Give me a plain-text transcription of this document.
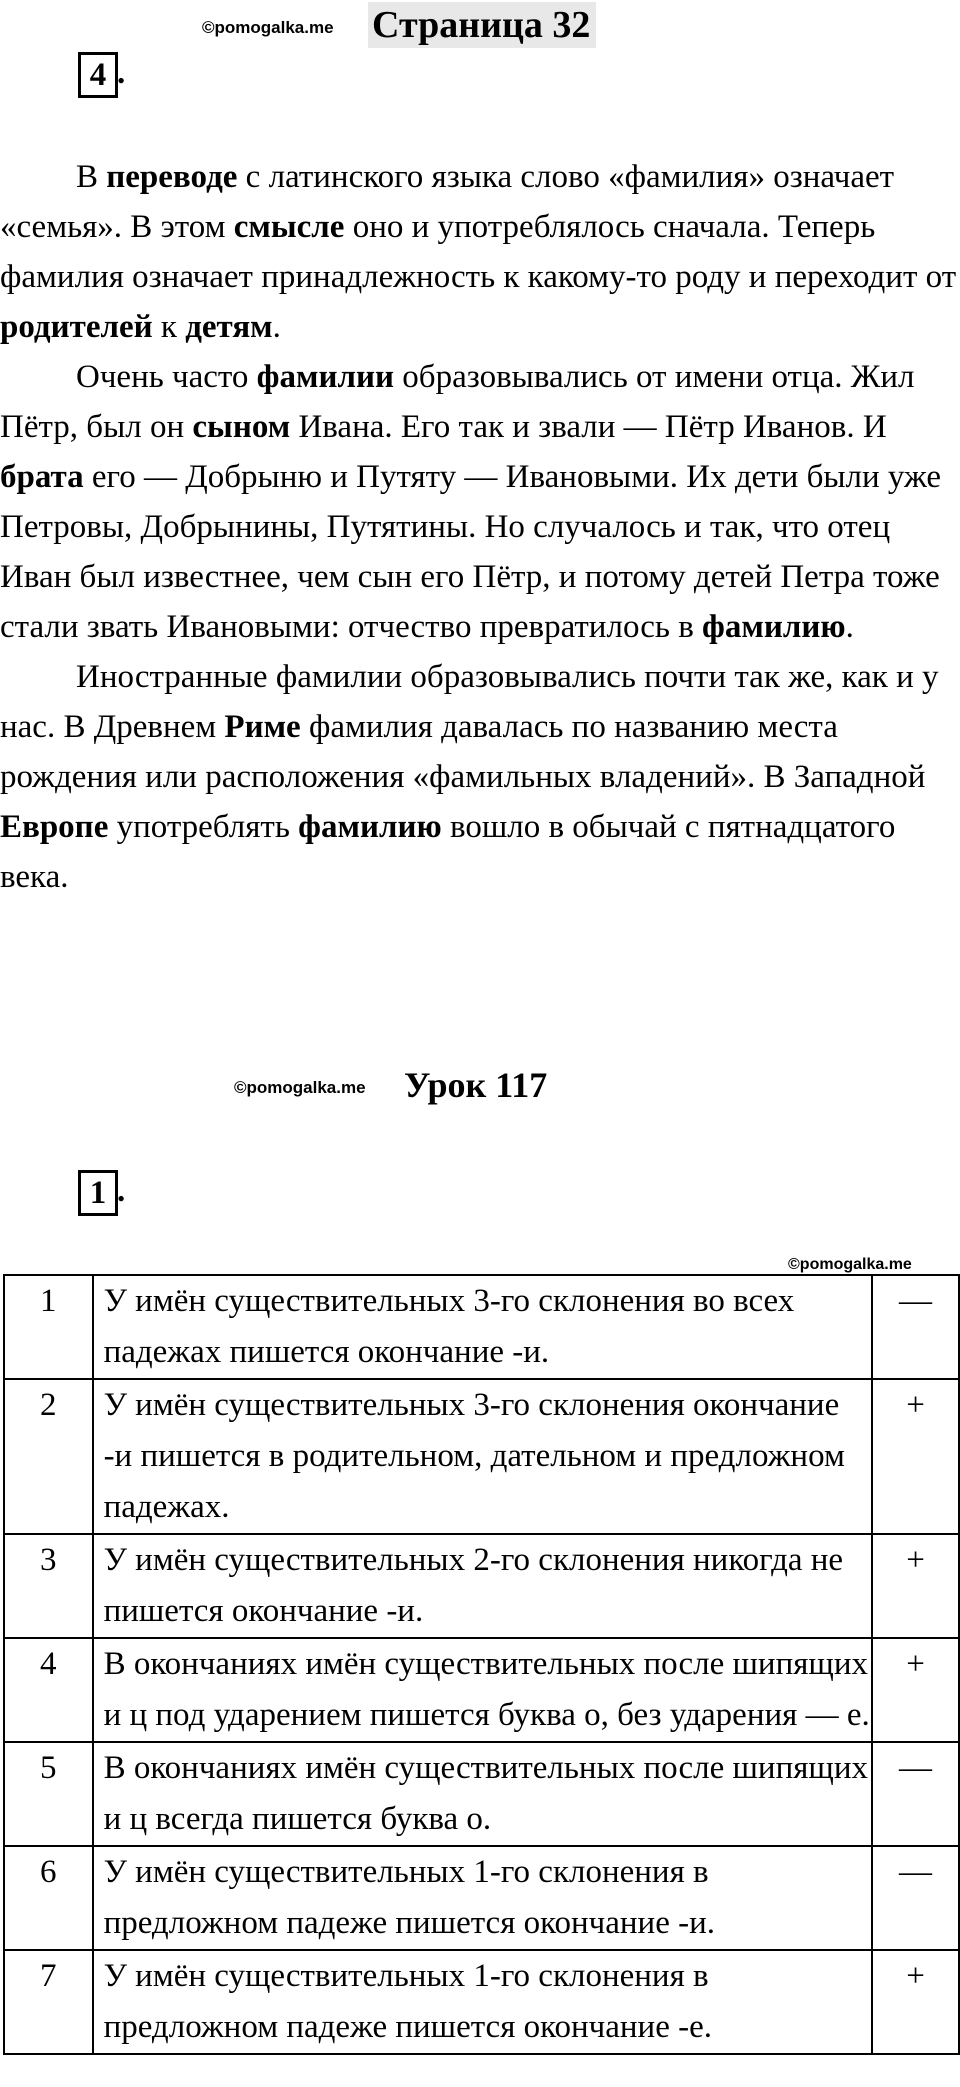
©pomogalka.me Страница 32
4 .

В переводе с латинского языка слово «фамилия» означает «семья». В этом смысле оно и употреблялось сначала. Теперь фамилия означает принадлежность к какому-то роду и переходит от родителей к детям.

Очень часто фамилии образовывались от имени отца. Жил Пётр, был он сыном Ивана. Его так и звали — Пётр Иванов. И брата его — Добрыню и Путяту — Ивановыми. Их дети были уже Петровы, Добрынины, Путятины. Но случалось и так, что отец Иван был известнее, чем сын его Пётр, и потому детей Петра тоже стали звать Ивановыми: отчество превратилось в фамилию.

Иностранные фамилии образовывались почти так же, как и у нас. В Древнем Риме фамилия давалась по названию места рождения или расположения «фамильных владений». В Западной Европе употреблять фамилию вошло в обычай с пятнадцатого века.

©pomogalka.me Урок 117
1 .
©pomogalka.me
1	У имён существительных 3-го склонения во всех падежах пишется окончание -и.	—
2	У имён существительных 3-го склонения окончание -и пишется в родительном, дательном и предложном падежах.	+
3	У имён существительных 2-го склонения никогда не пишется окончание -и.	+
4	В окончаниях имён существительных после шипящих и ц под ударением пишется буква о, без ударения — е.	+
5	В окончаниях имён существительных после шипящих и ц всегда пишется буква о.	—
6	У имён существительных 1-го склонения в предложном падеже пишется окончание -и.	—
7	У имён существительных 1-го склонения в предложном падеже пишется окончание -е.	+
